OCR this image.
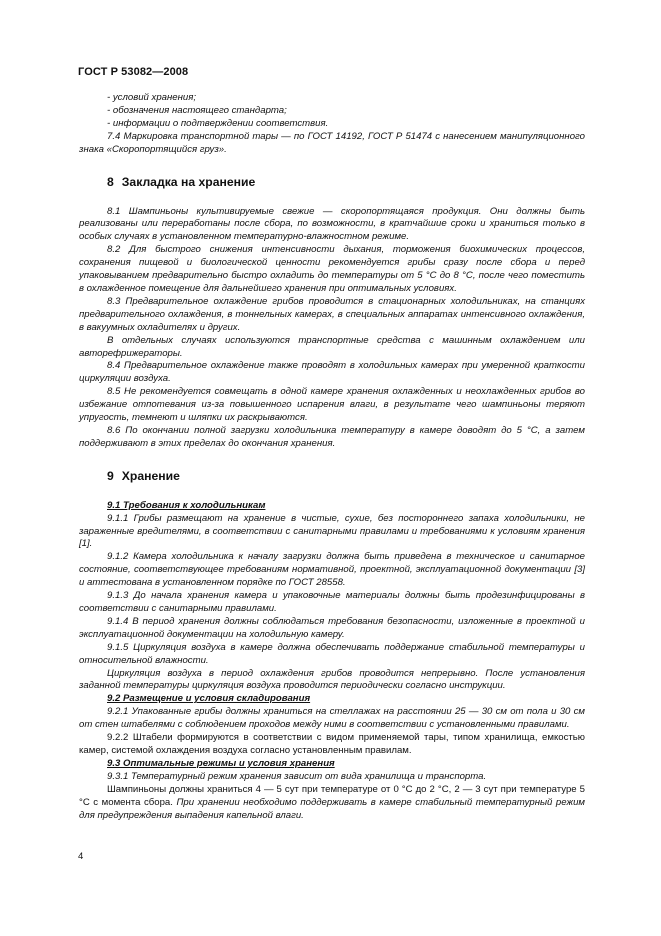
ГОСТ Р 53082—2008

- условий хранения;

- обозначения настоящего стандарта;

- информации о подтверждении соответствия.

7.4 Маркировка транспортной тары — по ГОСТ 14192, ГОСТ Р 51474 с нанесением манипуляционного знака «Скоропортящийся груз».

8 Закладка на хранение

8.1 Шампиньоны культивируемые свежие — скоропортящаяся продукция. Они должны быть реализованы или переработаны после сбора, по возможности, в кратчайшие сроки и храниться только в особых случаях в установленном температурно-влажностном режиме.

8.2 Для быстрого снижения интенсивности дыхания, торможения биохимических процессов, сохранения пищевой и биологической ценности рекомендуется грибы сразу после сбора и перед упаковыванием предварительно быстро охладить до температуры от 5 °С до 8 °С, после чего поместить в охлажденное помещение для дальнейшего хранения при оптимальных условиях.

8.3 Предварительное охлаждение грибов проводится в стационарных холодильниках, на станциях предварительного охлаждения, в тоннельных камерах, в специальных аппаратах интенсивного охлаждения, в вакуумных охладителях и других.

В отдельных случаях используются транспортные средства с машинным охлаждением или авторефрижераторы.

8.4 Предварительное охлаждение также проводят в холодильных камерах при умеренной краткости циркуляции воздуха.

8.5 Не рекомендуется совмещать в одной камере хранения охлажденных и неохлажденных грибов во избежание отпотевания из-за повышенного испарения влаги, в результате чего шампиньоны теряют упругость, темнеют и шляпки их раскрываются.

8.6 По окончании полной загрузки холодильника температуру в камере доводят до 5 °С, а затем поддерживают в этих пределах до окончания хранения.

9 Хранение

9.1 Требования к холодильникам

9.1.1 Грибы размещают на хранение в чистые, сухие, без постороннего запаха холодильники, не зараженные вредителями, в соответствии с санитарными правилами и требованиями к условиям хранения [1].

9.1.2 Камера холодильника к началу загрузки должна быть приведена в техническое и санитарное состояние, соответствующее требованиям нормативной, проектной, эксплуатационной документации [3] и аттестована в установленном порядке по ГОСТ 28558.

9.1.3 До начала хранения камера и упаковочные материалы должны быть продезинфицированы в соответствии с санитарными правилами.

9.1.4 В период хранения должны соблюдаться требования безопасности, изложенные в проектной и эксплуатационной документации на холодильную камеру.

9.1.5 Циркуляция воздуха в камере должна обеспечивать поддержание стабильной температуры и относительной влажности.

Циркуляция воздуха в период охлаждения грибов проводится непрерывно. После установления заданной температуры циркуляция воздуха проводится периодически согласно инструкции.

9.2 Размещение и условия складирования

9.2.1 Упакованные грибы должны храниться на стеллажах на расстоянии 25 — 30 см от пола и 30 см от стен штабелями с соблюдением проходов между ними в соответствии с установленными правилами.

9.2.2 Штабели формируются в соответствии с видом применяемой тары, типом хранилища, емкостью камер, системой охлаждения воздуха согласно установленным правилам.

9.3 Оптимальные режимы и условия хранения

9.3.1 Температурный режим хранения зависит от вида хранилища и транспорта.

Шампиньоны должны храниться 4 — 5 сут при температуре от 0 °С до 2 °С, 2 — 3 сут при температуре 5 °С с момента сбора. При хранении необходимо поддерживать в камере стабильный температурный режим для предупреждения выпадения капельной влаги.

4
